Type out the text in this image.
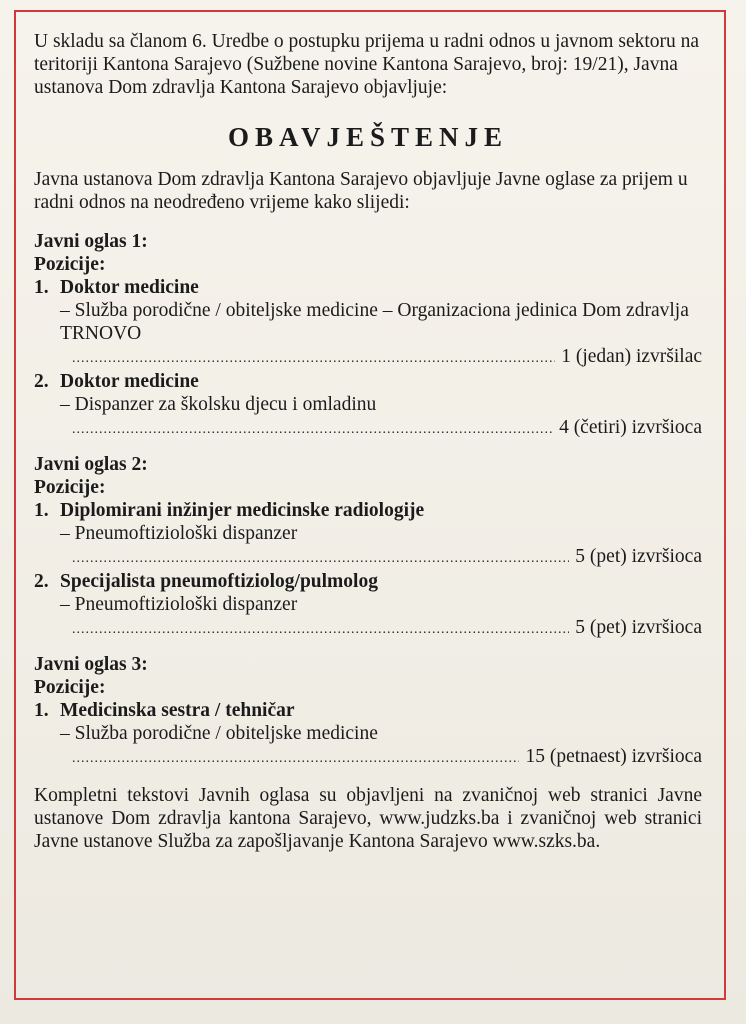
U skladu sa članom 6. Uredbe o postupku prijema u radni odnos u javnom sektoru na teritoriji Kantona Sarajevo (Sužbene novine Kantona Sarajevo, broj: 19/21), Javna ustanova Dom zdravlja Kantona Sarajevo objavljuje:

OBAVJEŠTENJE

Javna ustanova Dom zdravlja Kantona Sarajevo objavljuje Javne oglase za prijem u radni odnos na neodređeno vrijeme kako slijedi:

Javni oglas 1:
Pozicije:
1. Doktor medicine
– Služba porodične / obiteljske medicine – Organizaciona jedinica Dom zdravlja TRNOVO
.....
1 (jedan) izvršilac
2. Doktor medicine
– Dispanzer za školsku djecu i omladinu
.....
4 (četiri) izvršioca
Javni oglas 2:
Pozicije:
1. Diplomirani inžinjer medicinske radiologije
– Pneumoftiziološki dispanzer
.....
5 (pet) izvršioca
2. Specijalista pneumoftiziolog/pulmolog
– Pneumoftiziološki dispanzer
.....
5 (pet) izvršioca
Javni oglas 3:
Pozicije:
1. Medicinska sestra / tehničar
– Služba porodične / obiteljske medicine
.....
15 (petnaest) izvršioca

Kompletni tekstovi Javnih oglasa su objavljeni na zvaničnoj web stranici Javne ustanove Dom zdravlja kantona Sarajevo, www.judzks.ba i zvaničnoj web stranici Javne ustanove Služba za zapošljavanje Kantona Sarajevo www.szks.ba.
